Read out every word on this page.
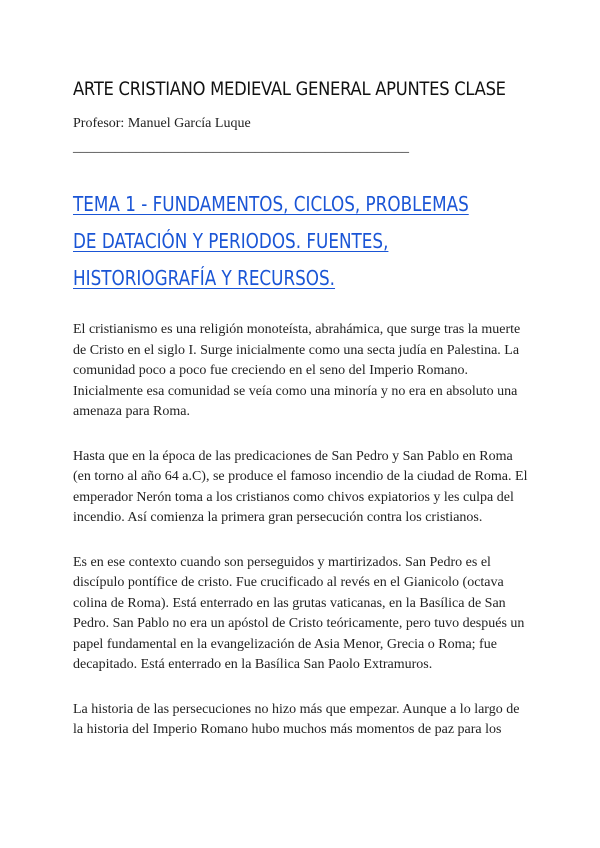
ARTE CRISTIANO MEDIEVAL GENERAL APUNTES CLASE
Profesor: Manuel García Luque
________________________________________________
TEMA 1 - FUNDAMENTOS, CICLOS, PROBLEMAS DE DATACIÓN Y PERIODOS. FUENTES, HISTORIOGRAFÍA Y RECURSOS.

El cristianismo es una religión monoteísta, abrahámica, que surge tras la muerte de Cristo en el siglo I. Surge inicialmente como una secta judía en Palestina. La comunidad poco a poco fue creciendo en el seno del Imperio Romano. Inicialmente esa comunidad se veía como una minoría y no era en absoluto una amenaza para Roma.

Hasta que en la época de las predicaciones de San Pedro y San Pablo en Roma (en torno al año 64 a.C), se produce el famoso incendio de la ciudad de Roma. El emperador Nerón toma a los cristianos como chivos expiatorios y les culpa del incendio. Así comienza la primera gran persecución contra los cristianos.

Es en ese contexto cuando son perseguidos y martirizados. San Pedro es el discípulo pontífice de cristo. Fue crucificado al revés en el Gianicolo (octava colina de Roma). Está enterrado en las grutas vaticanas, en la Basílica de San Pedro. San Pablo no era un apóstol de Cristo teóricamente, pero tuvo después un papel fundamental en la evangelización de Asia Menor, Grecia o Roma; fue decapitado. Está enterrado en la Basílica San Paolo Extramuros.

La historia de las persecuciones no hizo más que empezar. Aunque a lo largo de la historia del Imperio Romano hubo muchos más momentos de paz para los
